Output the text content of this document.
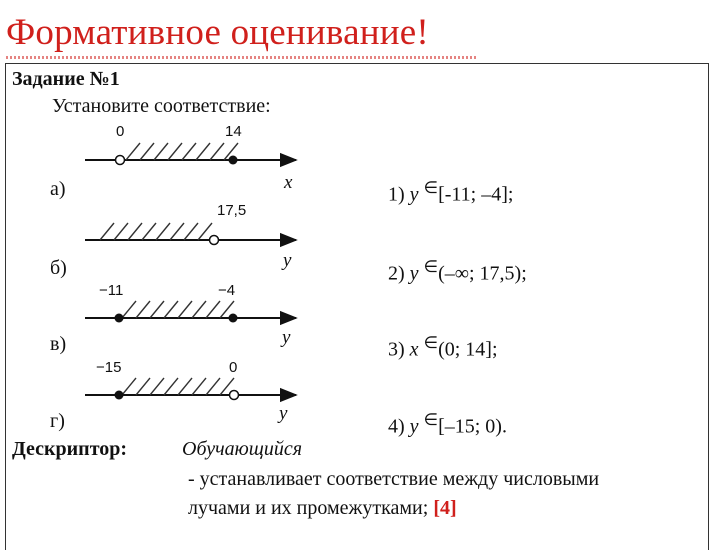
Формативное оценивание!
Задание №1
Установите соответствие:
0	14
x
17,5
y
−11	−4
y
−15	0
y
а)
б)
в)
г)
1) y ∈[-11; –4];
2) y ∈(–∞; 17,5);
3) x ∈(0; 14];
4) y ∈[–15; 0).
Дескриптор:	Обучающийся
- устанавливает соответствие между числовыми
лучами и их промежутками; [4]
